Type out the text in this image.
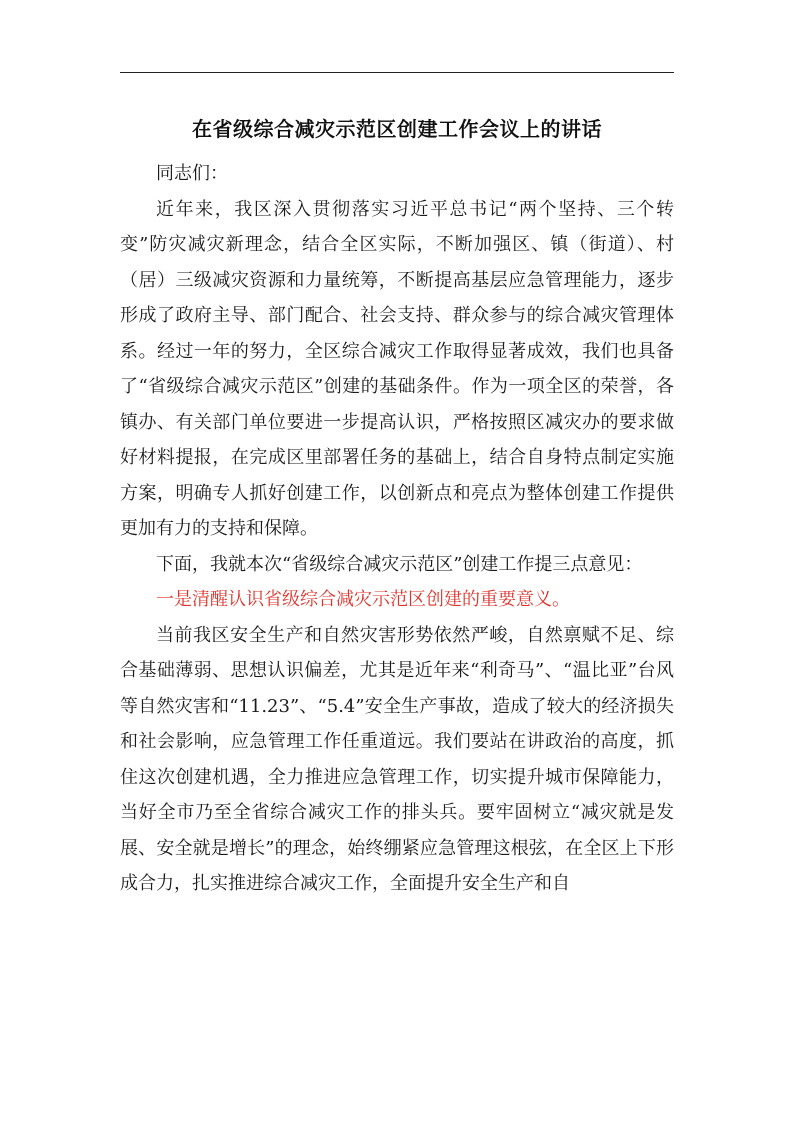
在省级综合减灾示范区创建工作会议上的讲话

同志们：

近年来，我区深入贯彻落实习近平总书记“两个坚持、三个转变”防灾减灾新理念，结合全区实际，不断加强区、镇（街道）、村（居）三级减灾资源和力量统筹，不断提高基层应急管理能力，逐步形成了政府主导、部门配合、社会支持、群众参与的综合减灾管理体系。经过一年的努力，全区综合减灾工作取得显著成效，我们也具备了“省级综合减灾示范区”创建的基础条件。作为一项全区的荣誉，各镇办、有关部门单位要进一步提高认识，严格按照区减灾办的要求做好材料提报，在完成区里部署任务的基础上，结合自身特点制定实施方案，明确专人抓好创建工作，以创新点和亮点为整体创建工作提供更加有力的支持和保障。

下面，我就本次“省级综合减灾示范区”创建工作提三点意见：

一是清醒认识省级综合减灾示范区创建的重要意义。

当前我区安全生产和自然灾害形势依然严峻，自然禀赋不足、综合基础薄弱、思想认识偏差，尤其是近年来“利奇马”、“温比亚”台风等自然灾害和“11.23”、“5.4”安全生产事故，造成了较大的经济损失和社会影响，应急管理工作任重道远。我们要站在讲政治的高度，抓住这次创建机遇，全力推进应急管理工作，切实提升城市保障能力，当好全市乃至全省综合减灾工作的排头兵。要牢固树立“减灾就是发展、安全就是增长”的理念，始终绷紧应急管理这根弦，在全区上下形成合力，扎实推进综合减灾工作，全面提升安全生产和自
